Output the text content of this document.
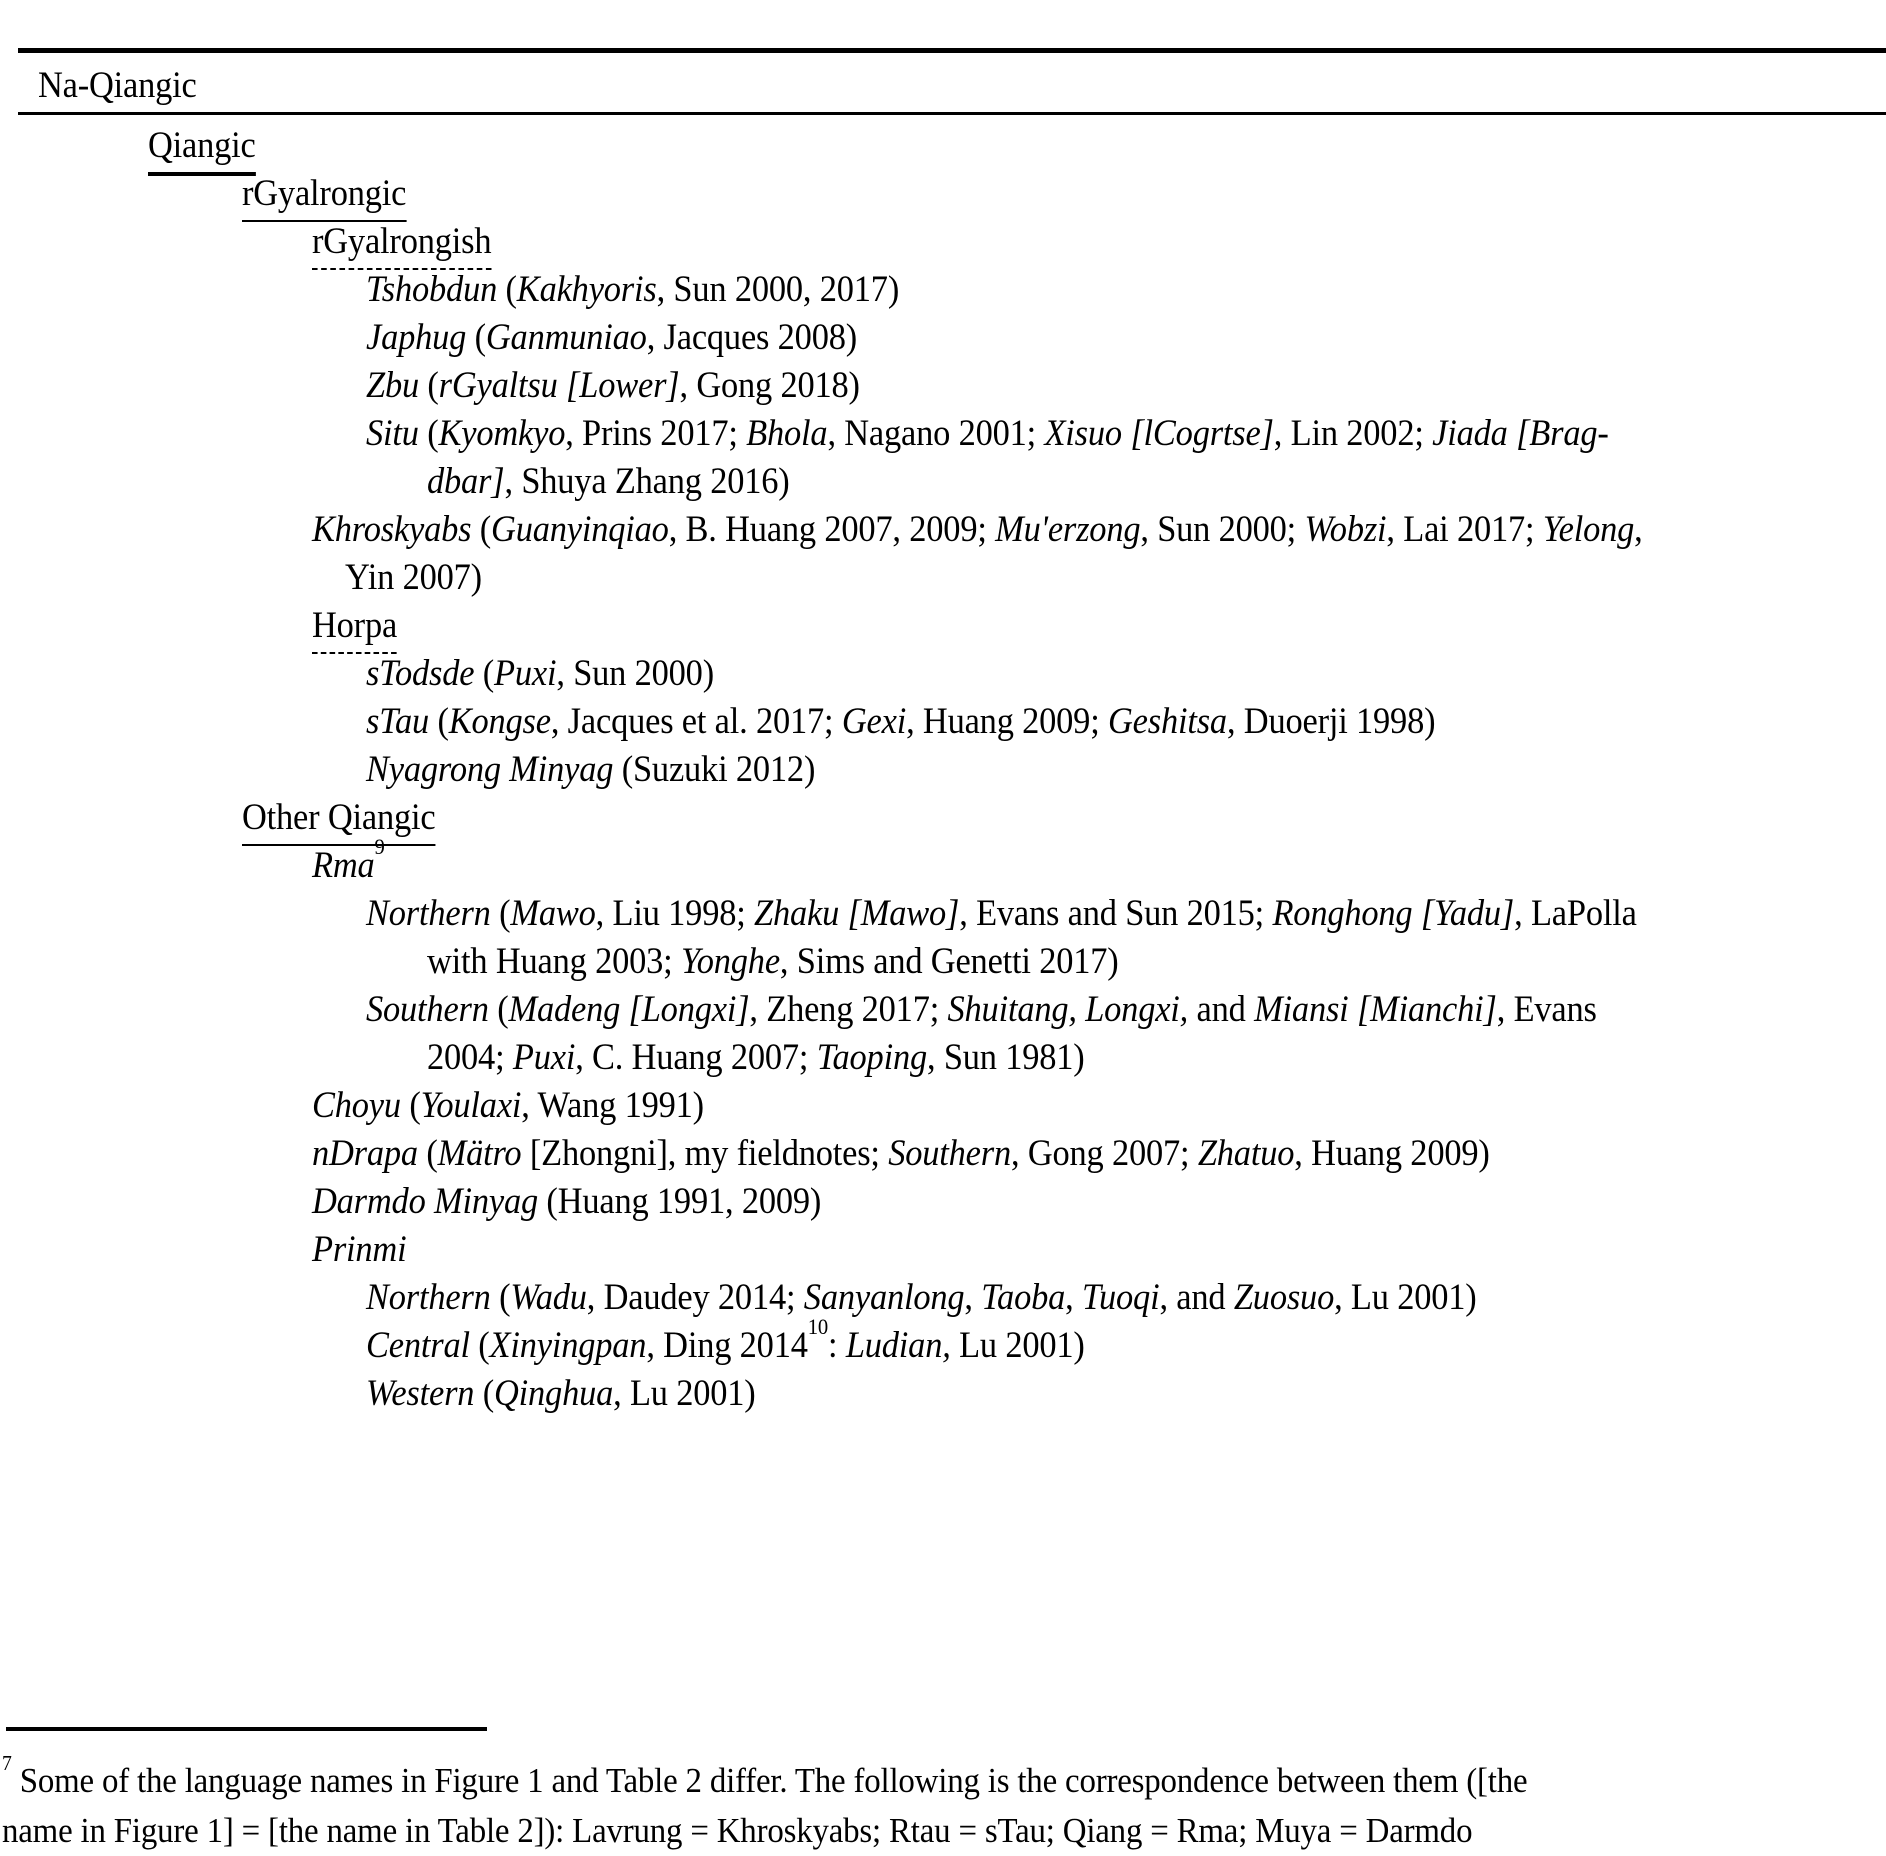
Na-Qiangic
Qiangic
rGyalrongic
rGyalrongish
Tshobdun (Kakhyoris, Sun 2000, 2017)
Japhug (Ganmuniao, Jacques 2008)
Zbu (rGyaltsu [Lower], Gong 2018)
Situ (Kyomkyo, Prins 2017; Bhola, Nagano 2001; Xisuo [lCogrtse], Lin 2002; Jiada [Brag-
dbar], Shuya Zhang 2016)
Khroskyabs (Guanyinqiao, B. Huang 2007, 2009; Mu'erzong, Sun 2000; Wobzi, Lai 2017; Yelong,
Yin 2007)
Horpa
sTodsde (Puxi, Sun 2000)
sTau (Kongse, Jacques et al. 2017; Gexi, Huang 2009; Geshitsa, Duoerji 1998)
Nyagrong Minyag (Suzuki 2012)
Other Qiangic
Rma$^9$
Northern (Mawo, Liu 1998; Zhaku [Mawo], Evans and Sun 2015; Ronghong [Yadu], LaPolla
with Huang 2003; Yonghe, Sims and Genetti 2017)
Southern (Madeng [Longxi], Zheng 2017; Shuitang, Longxi, and Miansi [Mianchi], Evans
2004; Puxi, C. Huang 2007; Taoping, Sun 1981)
Choyu (Youlaxi, Wang 1991)
nDrapa (Mätro [Zhongni], my fieldnotes; Southern, Gong 2007; Zhatuo, Huang 2009)
Darmdo Minyag (Huang 1991, 2009)
Prinmi
Northern (Wadu, Daudey 2014; Sanyanlong, Taoba, Tuoqi, and Zuosuo, Lu 2001)
Central (Xinyingpan, Ding 2014$^{10}$: Ludian, Lu 2001)
Western (Qinghua, Lu 2001)
$^7$ Some of the language names in Figure 1 and Table 2 differ. The following is the correspondence between them ([the
name in Figure 1] = [the name in Table 2]): Lavrung = Khroskyabs; Rtau = sTau; Qiang = Rma; Muya = Darmdo
